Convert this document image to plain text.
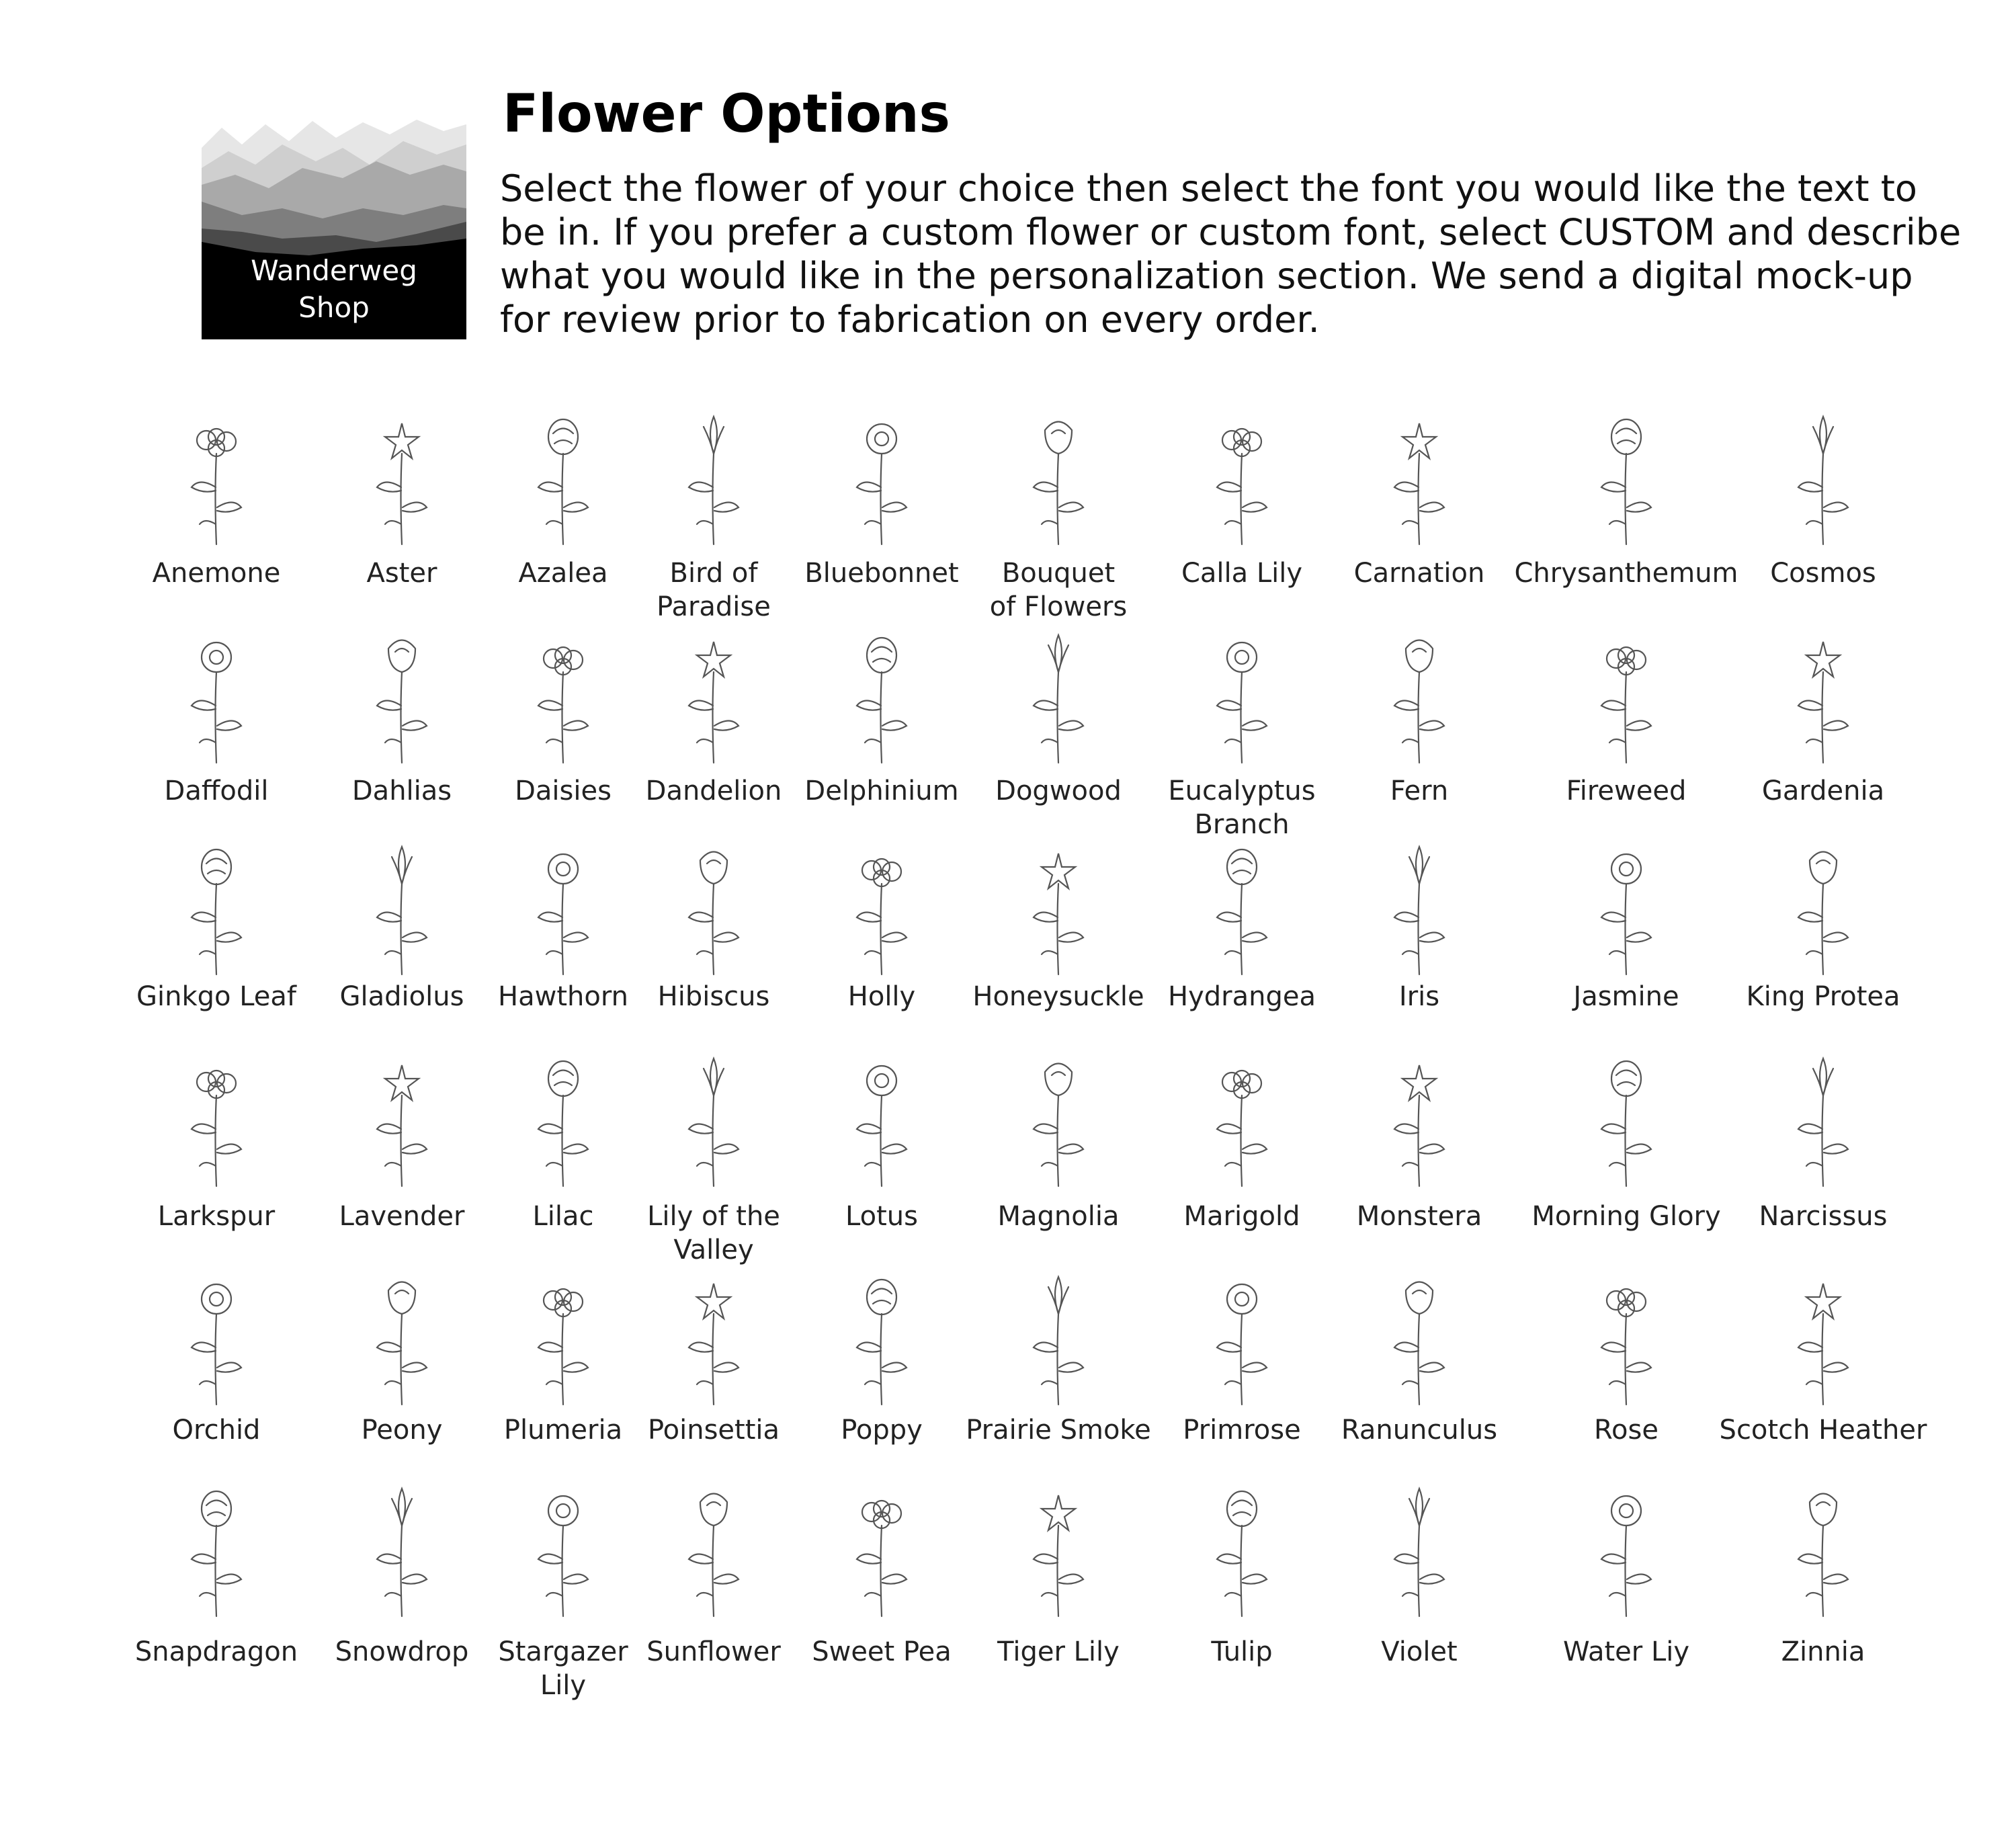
Wanderweg
Shop
Flower Options
Select the flower of your choice then select the font you would like the text to be in. If you prefer a custom flower or custom font, select CUSTOM and describe what you would like in the personalization section. We send a digital mock-up for review prior to fabrication on every order.
Anemone	Aster	Azalea	Bird of
Paradise
Bluebonnet	Bouquet
of Flowers
Calla Lily	Carnation	Chrysanthemum	Cosmos
Daffodil	Dahlias	Daisies	Dandelion Delphinium	Dogwood	Eucalyptus
Branch
Fern	Fireweed	Gardenia
Ginkgo Leaf	Gladiolus	Hawthorn	Hibiscus	Holly	Honeysuckle Hydrangea	Iris	Jasmine	King Protea
Larkspur	Lavender	Lilac	Lily of the
Valley
Lotus	Magnolia	Marigold	Monstera	Morning Glory	Narcissus
Orchid	Peony	Plumeria Poinsettia	Poppy	Prairie Smoke	Primrose	Ranunculus	Rose	Scotch Heather
Snapdragon	Snowdrop	Stargazer
Lily
Sunflower	Sweet Pea	Tiger Lily	Tulip	Violet	Water Liy	Zinnia
